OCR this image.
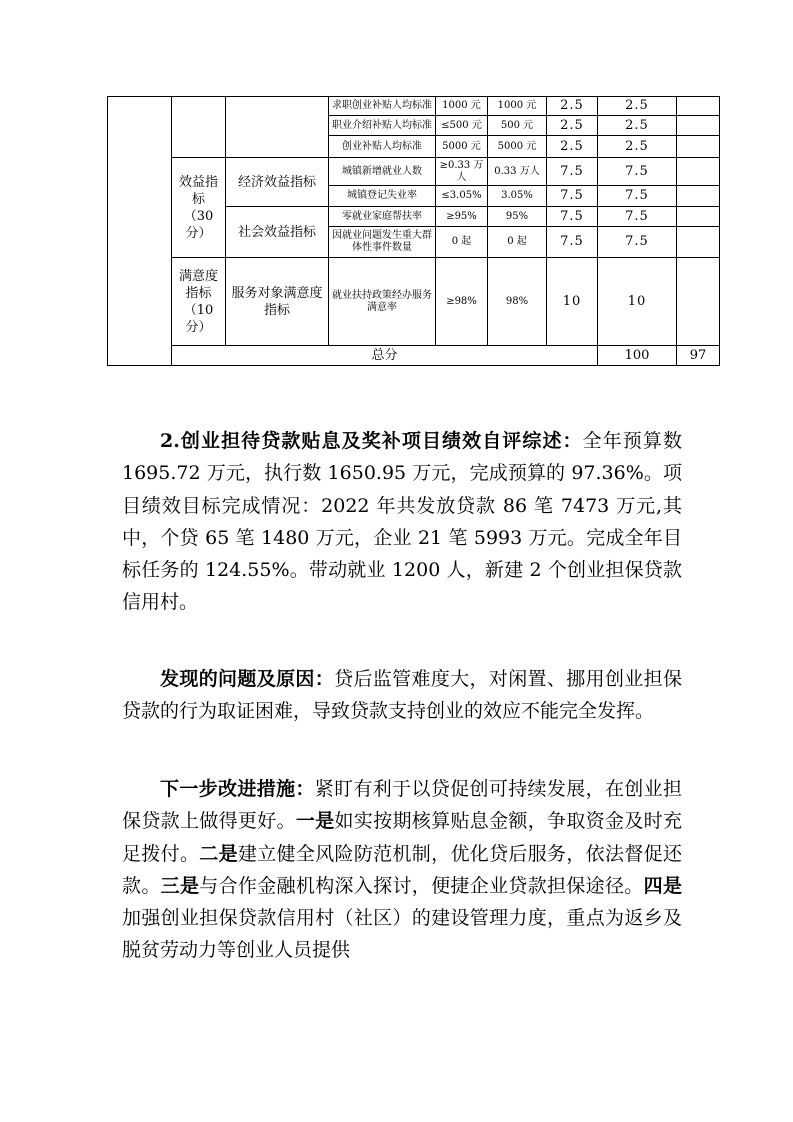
			求职创业补贴人均标准	1000 元	1000 元	2.5	2.5		
			职业介绍补贴人均标准	≤500 元	500 元	2.5	2.5		
			创业补贴人均标准	5000 元	5000 元	2.5	2.5		

	效益指
标
（30
分）	经济效益指标	城镇新增就业人数	≥0.33 万人	0.33 万人	7.5	7.5		
			城镇登记失业率	≤3.05%	3.05%	7.5	7.5		
		社会效益指标	零就业家庭帮扶率	≥95%	95%	7.5	7.5		
			因就业问题发生重大群体性事件数量	0 起	0 起	7.5	7.5		

	满意度
指标
（10
分）	服务对象满意度指标	就业扶持政策经办服务满意率	≥98%	98%	10	10		
	总分						100	97	

2.创业担待贷款贴息及奖补项目绩效自评综述：全年预算数 1695.72 万元，执行数 1650.95 万元，完成预算的 97.36%。项目绩效目标完成情况：2022 年共发放贷款 86 笔 7473 万元,其中，个贷 65 笔 1480 万元，企业 21 笔 5993 万元。完成全年目标任务的 124.55%。带动就业 1200 人，新建 2 个创业担保贷款信用村。

发现的问题及原因：贷后监管难度大，对闲置、挪用创业担保贷款的行为取证困难，导致贷款支持创业的效应不能完全发挥。

下一步改进措施：紧盯有利于以贷促创可持续发展，在创业担保贷款上做得更好。一是如实按期核算贴息金额，争取资金及时充足拨付。二是建立健全风险防范机制，优化贷后服务，依法督促还款。三是与合作金融机构深入探讨，便捷企业贷款担保途径。四是加强创业担保贷款信用村（社区）的建设管理力度，重点为返乡及脱贫劳动力等创业人员提供
